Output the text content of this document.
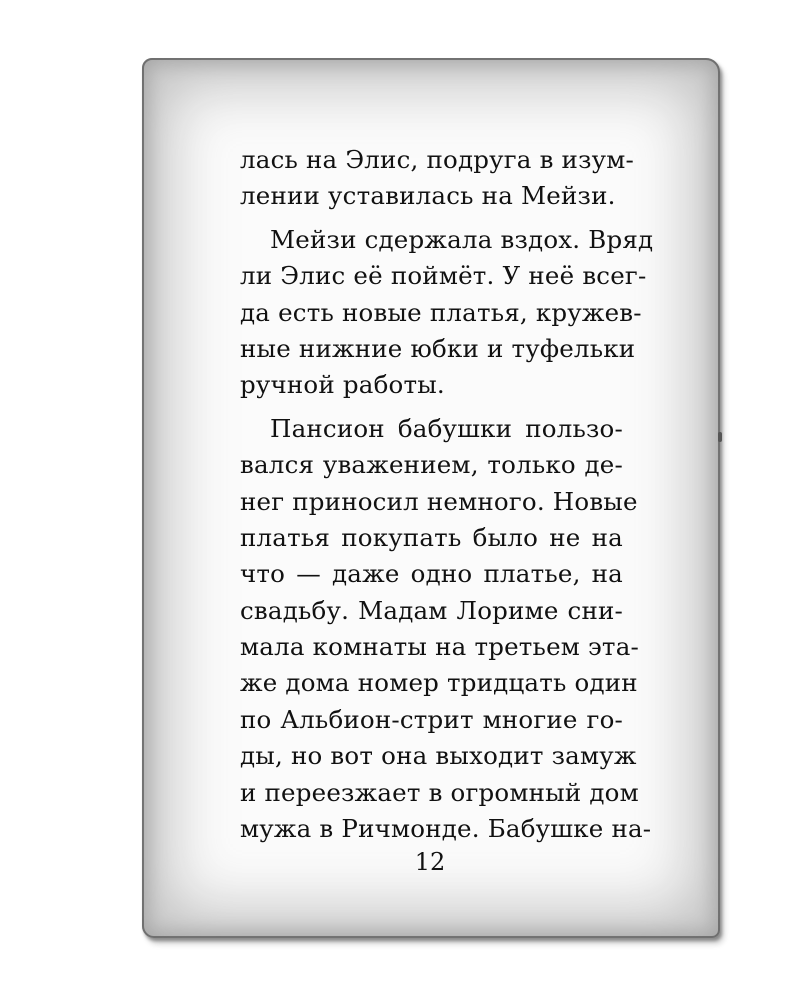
лась на Элис, подруга в изум-
лении уставилась на Мейзи.
Мейзи сдержала вздох. Вряд
ли Элис её поймёт. У неё всег-
да есть новые платья, кружев-
ные нижние юбки и туфельки
ручной работы.
Пансион бабушки пользо-
вался уважением, только де-
нег приносил немного. Новые
платья покупать было не на
что — даже одно платье, на
свадьбу. Мадам Лориме сни-
мала комнаты на третьем эта-
же дома номер тридцать один
по Альбион-стрит многие го-
ды, но вот она выходит замуж
и переезжает в огромный дом
мужа в Ричмонде. Бабушке на-
12
